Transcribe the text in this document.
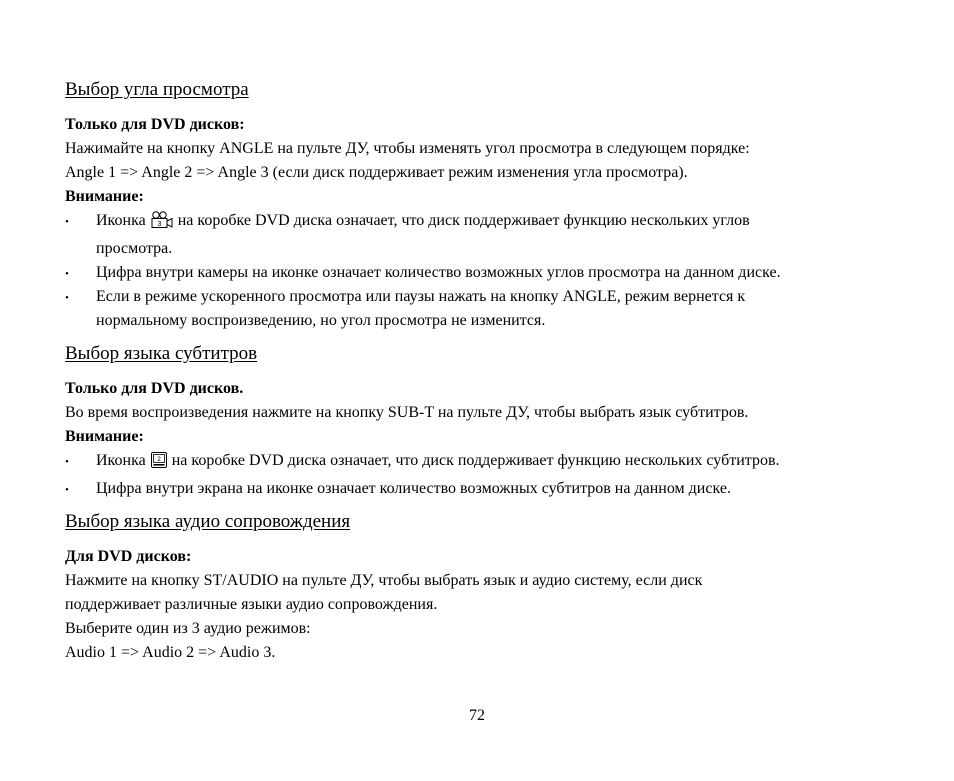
Выбор угла просмотра
Только для DVD дисков:
Нажимайте на кнопку ANGLE на пульте ДУ, чтобы изменять угол просмотра в следующем порядке:
Angle 1 => Angle 2 => Angle 3 (если диск поддерживает режим изменения угла просмотра).
Внимание:
•	Иконка 3 на коробке DVD диска означает, что диск поддерживает функцию нескольких углов
просмотра.
•	Цифра внутри камеры на иконке означает количество возможных углов просмотра на данном диске.
•	Если в режиме ускоренного просмотра или паузы нажать на кнопку ANGLE, режим вернется к
нормальному воспроизведению, но угол просмотра не изменится.
Выбор языка субтитров
Только для DVD дисков.
Во время воспроизведения нажмите на кнопку SUB-T на пульте ДУ, чтобы выбрать язык субтитров.
Внимание:
•	Иконка 2 на коробке DVD диска означает, что диск поддерживает функцию нескольких субтитров.
•	Цифра внутри экрана на иконке означает количество возможных субтитров на данном диске.
Выбор языка аудио сопровождения
Для DVD дисков:
Нажмите на кнопку ST/AUDIO на пульте ДУ, чтобы выбрать язык и аудио систему, если диск
поддерживает различные языки аудио сопровождения.
Выберите один из 3 аудио режимов:
Audio 1 => Audio 2 => Audio 3.
72
